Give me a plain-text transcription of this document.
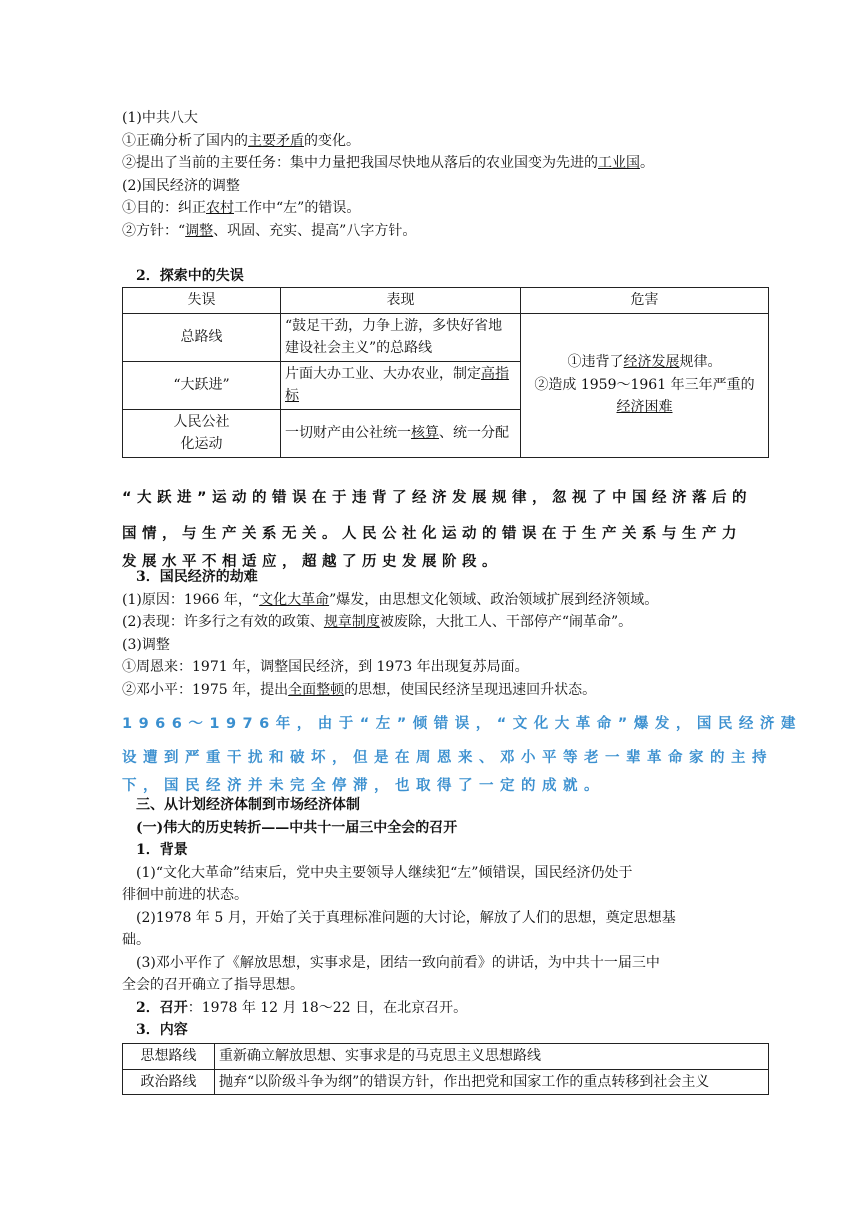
(1)中共八大
①正确分析了国内的主要矛盾的变化。
②提出了当前的主要任务：集中力量把我国尽快地从落后的农业国变为先进的工业国。
(2)国民经济的调整
①目的：纠正农村工作中“左”的错误。
②方针：“调整、巩固、充实、提高”八字方针。
2．探索中的失误
失误	表现	危害
总路线	“鼓足干劲，力争上游，多快好省地建设社会主义”的总路线	①违背了经济发展规律。
②造成 1959～1961 年三年严重的
经济困难

“大跃进”	片面大办工业、大办农业，制定高指标	

人民公社化运动	一切财产由公社统一核算、统一分配	
“大跃进”运动的错误在于违背了经济发展规律，忽视了中国经济落后的
国情，与生产关系无关。人民公社化运动的错误在于生产关系与生产力
发展水平不相适应，超越了历史发展阶段。
3．国民经济的劫难
(1)原因：1966 年，“文化大革命”爆发，由思想文化领域、政治领域扩展到经济领域。
(2)表现：许多行之有效的政策、规章制度被废除，大批工人、干部停产“闹革命”。
(3)调整
①周恩来：1971 年，调整国民经济，到 1973 年出现复苏局面。
②邓小平：1975 年，提出全面整顿的思想，使国民经济呈现迅速回升状态。
1966～1976年，由于“左”倾错误，“文化大革命”爆发，国民经济建
设遭到严重干扰和破坏，但是在周恩来、邓小平等老一辈革命家的主持
下，国民经济并未完全停滞，也取得了一定的成就。
三、从计划经济体制到市场经济体制
(一)伟大的历史转折——中共十一届三中全会的召开
1．背景
(1)“文化大革命”结束后，党中央主要领导人继续犯“左”倾错误，国民经济仍处于
徘徊中前进的状态。
(2)1978 年 5 月，开始了关于真理标准问题的大讨论，解放了人们的思想，奠定思想基
础。
(3)邓小平作了《解放思想，实事求是，团结一致向前看》的讲话，为中共十一届三中
全会的召开确立了指导思想。
2．召开：1978 年 12 月 18～22 日，在北京召开。
3．内容
思想路线	重新确立解放思想、实事求是的马克思主义思想路线
政治路线	抛弃“以阶级斗争为纲”的错误方针，作出把党和国家工作的重点转移到社会主义
